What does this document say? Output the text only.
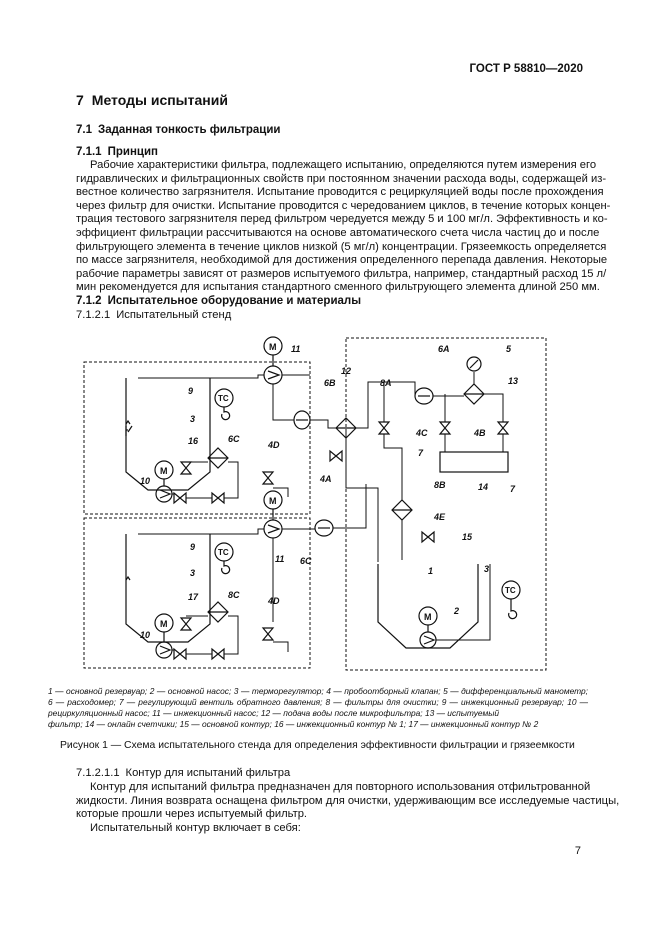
ГОСТ Р 58810—2020
7 Методы испытаний
7.1 Заданная тонкость фильтрации
7.1.1 Принцип
Рабочие характеристики фильтра, подлежащего испытанию, определяются путем измерения его
гидравлических и фильтрационных свойств при постоянном значении расхода воды, содержащей из-
вестное количество загрязнителя. Испытание проводится с рециркуляцией воды после прохождения
через фильтр для очистки. Испытание проводится с чередованием циклов, в течение которых концен-
трация тестового загрязнителя перед фильтром чередуется между 5 и 100 мг/л. Эффективность и ко-
эффициент фильтрации рассчитываются на основе автоматического счета числа частиц до и после
фильтрующего элемента в течение циклов низкой (5 мг/л) концентрации. Грязеемкость определяется
по массе загрязнителя, необходимой для достижения определенного перепада давления. Некоторые
рабочие параметры зависят от размеров испытуемого фильтра, например, стандартный расход 15 л/
мин рекомендуется для испытания стандартного сменного фильтрующего элемента длиной 250 мм.
7.1.2 Испытательное оборудование и материалы
7.1.2.1 Испытательный стенд
M
M
M
M
M
TC
TC
TC
11
9
9
3
3
16
17
6C
8C
10
10
4D
4D
11
6B
12
8A
4A
6A	5
13
4C	4B
7
14 7
8B
4E
15
1
2
3
6C
1 — основной резервуар; 2 — основной насос; 3 — терморегулятор; 4 — пробоотборный клапан; 5 — дифференциальный манометр; 6 — расходомер; 7 — регулирующий вентиль обратного давления; 8 — фильтры для очистки; 9 — инжекционный резервуар; 10 — рециркуляционный насос; 11 — инжекционный насос; 12 — подача воды после микрофильтра; 13 — испытуемый
фильтр; 14 — онлайн счетчики; 15 — основной контур; 16 — инжекционный контур № 1; 17 — инжекционный контур № 2
Рисунок 1 — Схема испытательного стенда для определения эффективности фильтрации и грязеемкости
7.1.2.1.1 Контур для испытаний фильтра
Контур для испытаний фильтра предназначен для повторного использования отфильтрованной
жидкости. Линия возврата оснащена фильтром для очистки, удерживающим все исследуемые частицы,
которые прошли через испытуемый фильтр.
Испытательный контур включает в себя:
7
